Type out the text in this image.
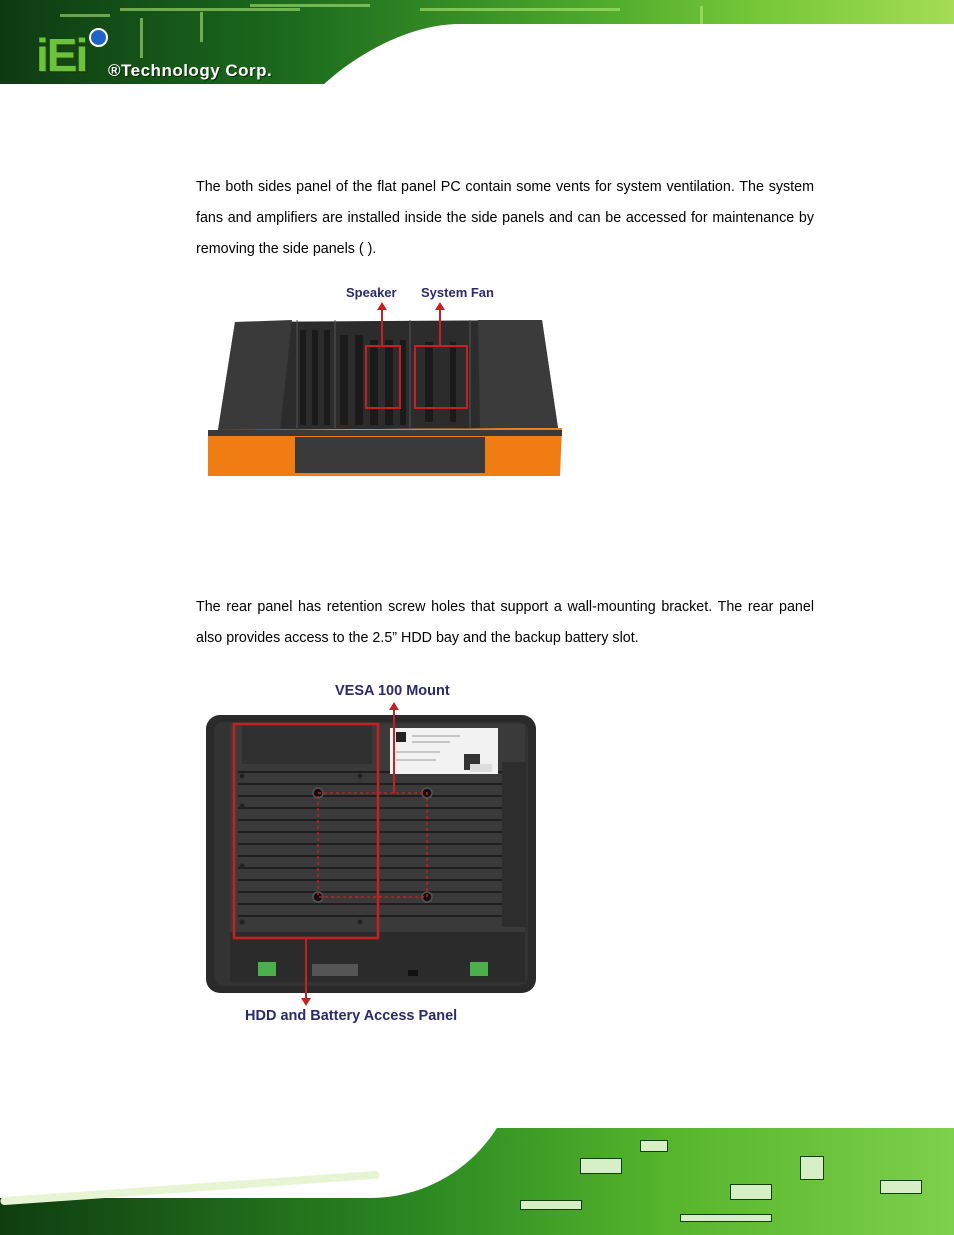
iEi ®Technology Corp.

The both sides panel of the flat panel PC contain some vents for system ventilation. The system fans and amplifiers are installed inside the side panels and can be accessed for maintenance by removing the side panels ( ).

Speaker System Fan

The rear panel has retention screw holes that support a wall-mounting bracket. The rear panel also provides access to the 2.5” HDD bay and the backup battery slot.

VESA 100 Mount
HDD and Battery Access Panel
